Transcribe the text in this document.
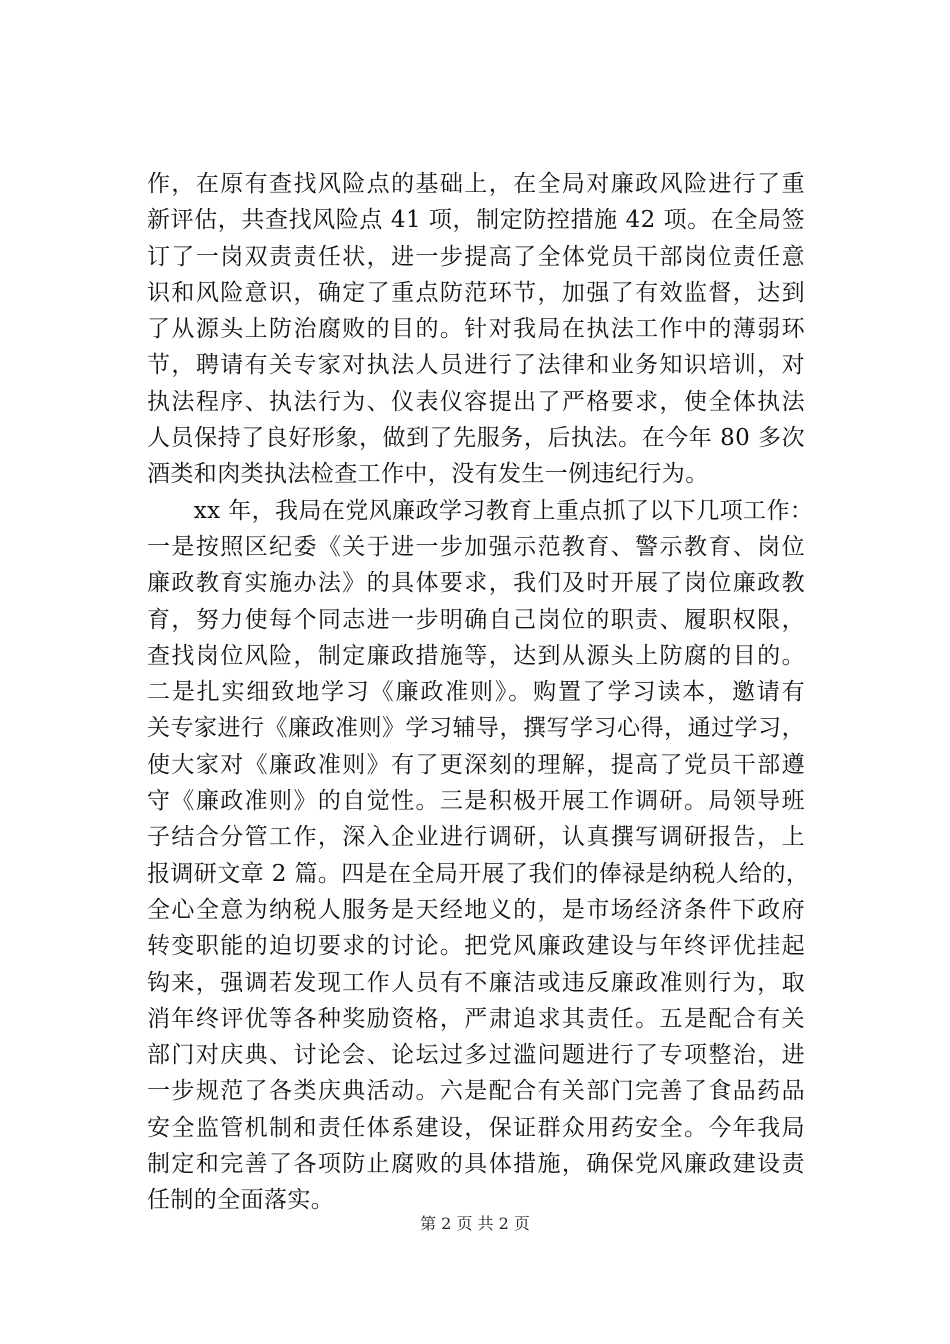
作，在原有查找风险点的基础上，在全局对廉政风险进行了重
新评估，共查找风险点 41 项，制定防控措施 42 项。在全局签
订了一岗双责责任状，进一步提高了全体党员干部岗位责任意
识和风险意识，确定了重点防范环节，加强了有效监督，达到
了从源头上防治腐败的目的。针对我局在执法工作中的薄弱环
节，聘请有关专家对执法人员进行了法律和业务知识培训，对
执法程序、执法行为、仪表仪容提出了严格要求，使全体执法
人员保持了良好形象，做到了先服务，后执法。在今年 80 多次
酒类和肉类执法检查工作中，没有发生一例违纪行为。
　　xx 年，我局在党风廉政学习教育上重点抓了以下几项工作：
一是按照区纪委《关于进一步加强示范教育、警示教育、岗位
廉政教育实施办法》的具体要求，我们及时开展了岗位廉政教
育，努力使每个同志进一步明确自己岗位的职责、履职权限，
查找岗位风险，制定廉政措施等，达到从源头上防腐的目的。
二是扎实细致地学习《廉政准则》。购置了学习读本，邀请有
关专家进行《廉政准则》学习辅导，撰写学习心得，通过学习，
使大家对《廉政准则》有了更深刻的理解，提高了党员干部遵
守《廉政准则》的自觉性。三是积极开展工作调研。局领导班
子结合分管工作，深入企业进行调研，认真撰写调研报告，上
报调研文章 2 篇。四是在全局开展了我们的俸禄是纳税人给的，
全心全意为纳税人服务是天经地义的，是市场经济条件下政府
转变职能的迫切要求的讨论。把党风廉政建设与年终评优挂起
钩来，强调若发现工作人员有不廉洁或违反廉政准则行为，取
消年终评优等各种奖励资格，严肃追求其责任。五是配合有关
部门对庆典、讨论会、论坛过多过滥问题进行了专项整治，进
一步规范了各类庆典活动。六是配合有关部门完善了食品药品
安全监管机制和责任体系建设，保证群众用药安全。今年我局
制定和完善了各项防止腐败的具体措施，确保党风廉政建设责
任制的全面落实。
第 2 页 共 2 页
